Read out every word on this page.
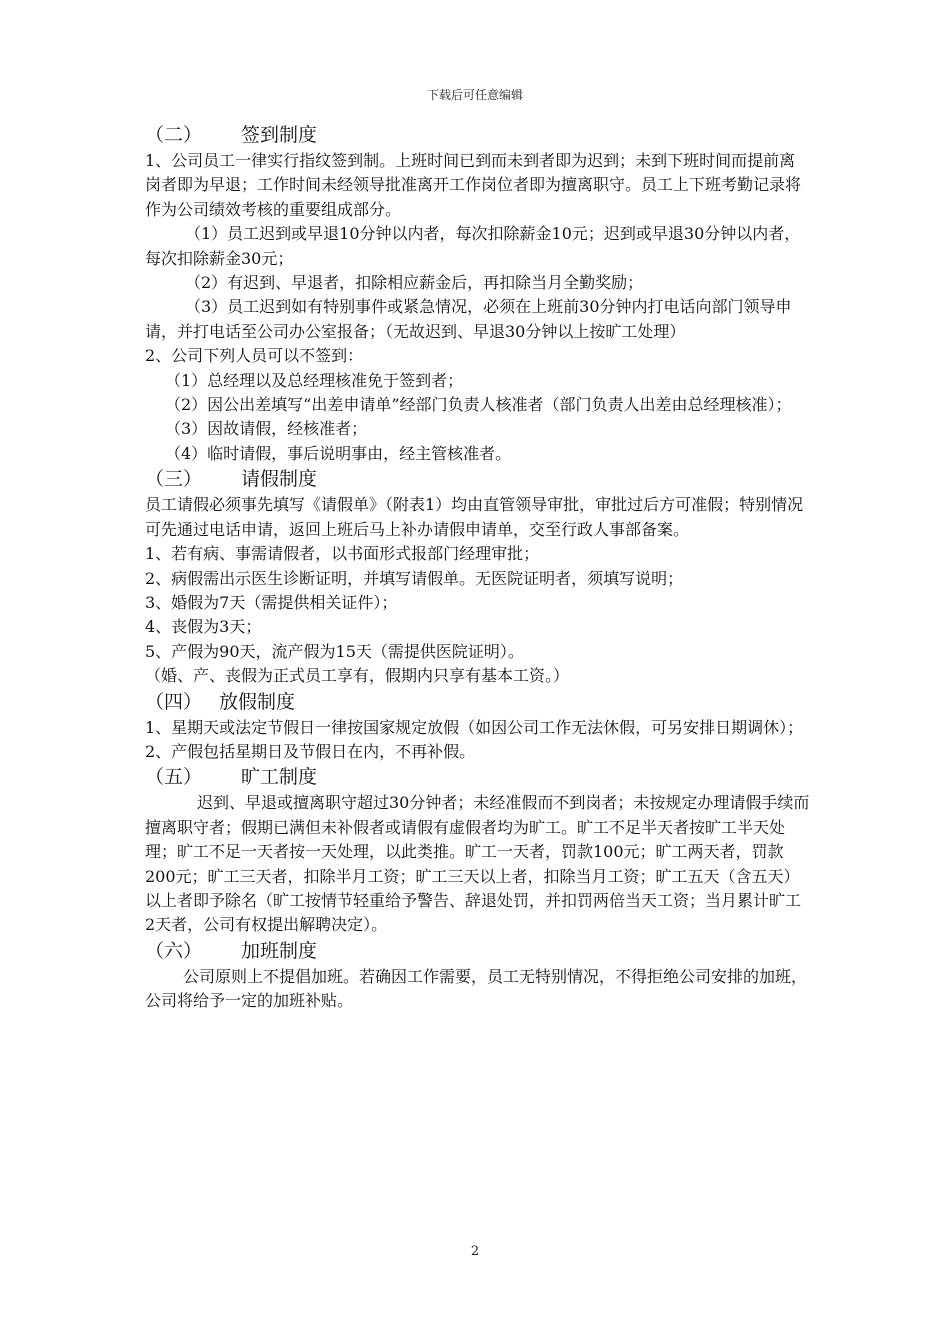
下载后可任意编辑

（二） 签到制度

1、公司员工一律实行指纹签到制。上班时间已到而未到者即为迟到；未到下班时间而提前离岗者即为早退；工作时间未经领导批准离开工作岗位者即为擅离职守。员工上下班考勤记录将作为公司绩效考核的重要组成部分。

（1）员工迟到或早退10分钟以内者，每次扣除薪金10元；迟到或早退30分钟以内者，每次扣除薪金30元；

（2）有迟到、早退者，扣除相应薪金后，再扣除当月全勤奖励；

（3）员工迟到如有特别事件或紧急情况，必须在上班前30分钟内打电话向部门领导申请，并打电话至公司办公室报备；（无故迟到、早退30分钟以上按旷工处理）

2、公司下列人员可以不签到：

（1）总经理以及总经理核准免于签到者；

（2）因公出差填写“出差申请单”经部门负责人核准者（部门负责人出差由总经理核准）；

（3）因故请假，经核准者；

（4）临时请假，事后说明事由，经主管核准者。

（三） 请假制度

员工请假必须事先填写《请假单》（附表1）均由直管领导审批，审批过后方可准假；特别情况可先通过电话申请，返回上班后马上补办请假申请单，交至行政人事部备案。

1、若有病、事需请假者，以书面形式报部门经理审批；

2、病假需出示医生诊断证明，并填写请假单。无医院证明者，须填写说明；

3、婚假为7天（需提供相关证件）；

4、丧假为3天；

5、产假为90天，流产假为15天（需提供医院证明）。

（婚、产、丧假为正式员工享有，假期内只享有基本工资。）

（四） 放假制度

1、星期天或法定节假日一律按国家规定放假（如因公司工作无法休假，可另安排日期调休）；

2、产假包括星期日及节假日在内，不再补假。

（五） 旷工制度

迟到、早退或擅离职守超过30分钟者；未经准假而不到岗者；未按规定办理请假手续而擅离职守者；假期已满但未补假者或请假有虚假者均为旷工。旷工不足半天者按旷工半天处理；旷工不足一天者按一天处理，以此类推。旷工一天者，罚款100元；旷工两天者，罚款200元；旷工三天者，扣除半月工资；旷工三天以上者，扣除当月工资；旷工五天（含五天）以上者即予除名（旷工按情节轻重给予警告、辞退处罚，并扣罚两倍当天工资；当月累计旷工2天者，公司有权提出解聘决定）。

（六） 加班制度

公司原则上不提倡加班。若确因工作需要，员工无特别情况，不得拒绝公司安排的加班，公司将给予一定的加班补贴。

2
